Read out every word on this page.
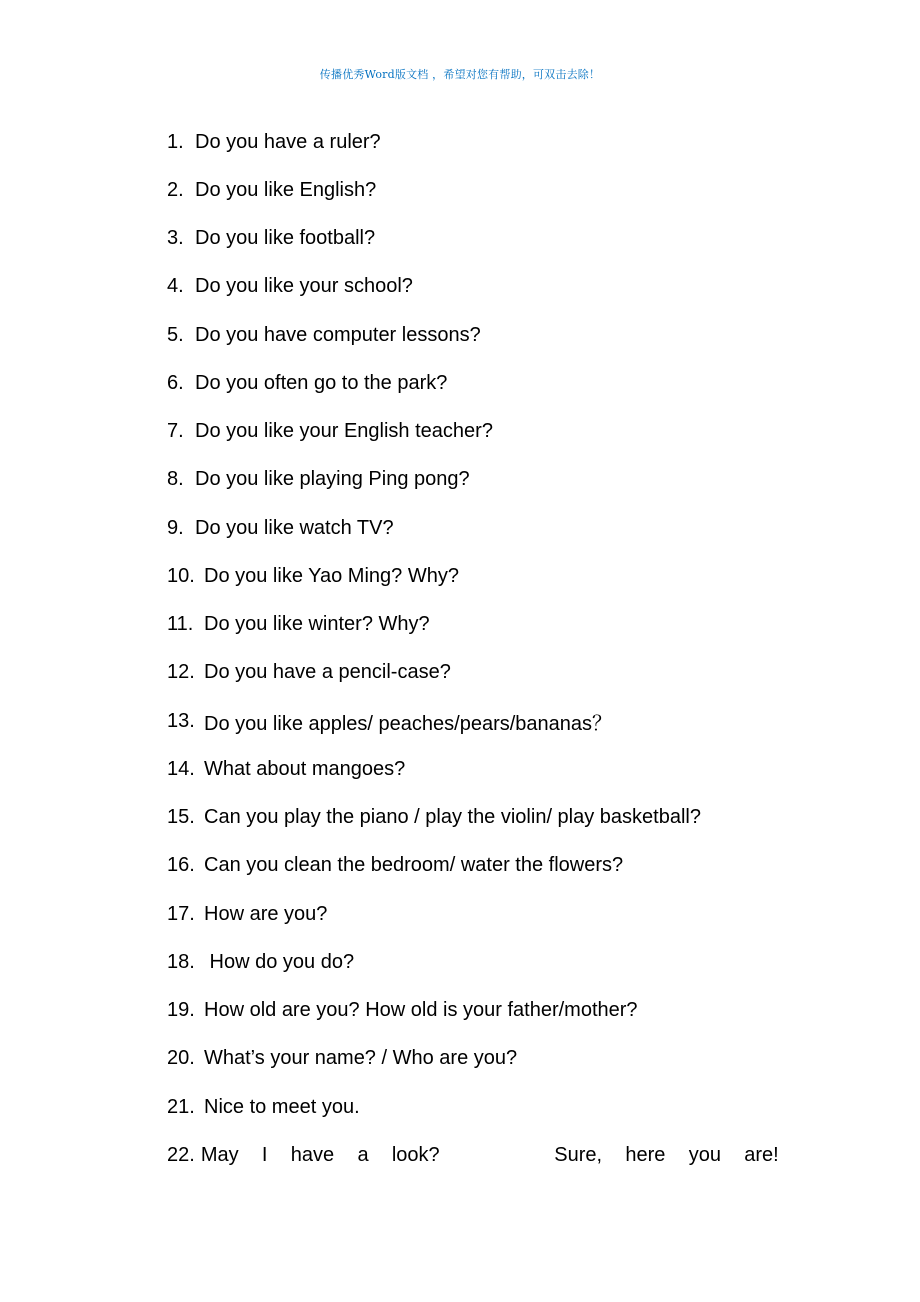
传播优秀Word版文档 ，希望对您有帮助，可双击去除！
1. Do you have a ruler?
2. Do you like English?
3. Do you like football?
4. Do you like your school?
5. Do you have computer lessons?
6. Do you often go to the park?
7. Do you like your English teacher?
8. Do you like playing Ping pong?
9. Do you like watch TV?
10. Do you like Yao Ming? Why?
11. Do you like winter? Why?
12. Do you have a pencil-case?
13. Do you like apples/ peaches/pears/bananas？
14. What about mangoes?
15. Can you play the piano / play the violin/ play basketball?
16. Can you clean the bedroom/ water the flowers?
17. How are you?
18. How do you do?
19. How old are you? How old is your father/mother?
20. What’s your name? / Who are you?
21. Nice to meet you.
22. May I have a look?	Sure, here you are!
